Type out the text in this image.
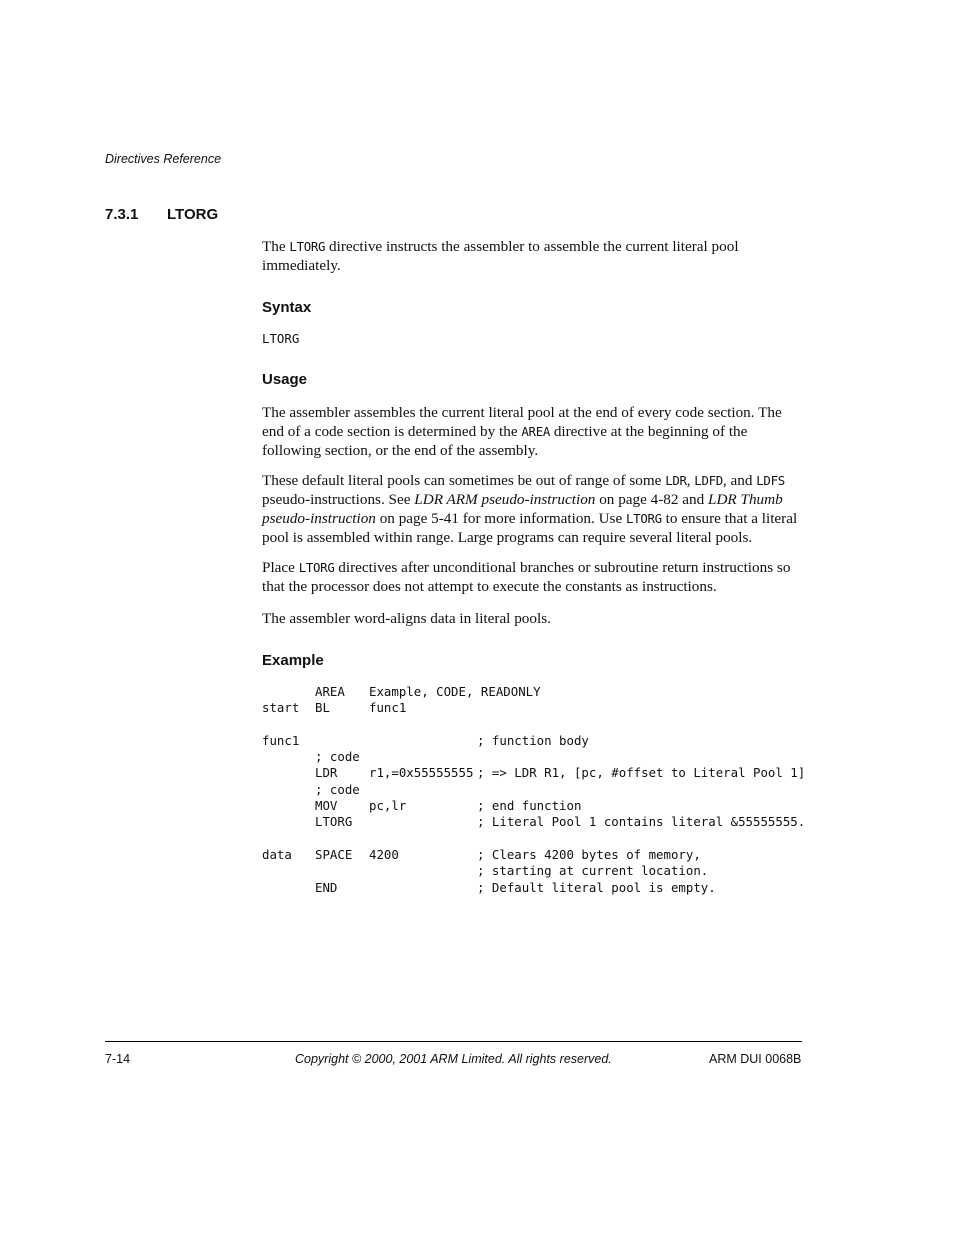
Directives Reference
7.3.1 LTORG
The LTORG directive instructs the assembler to assemble the current literal pool immediately.
Syntax
LTORG
Usage
The assembler assembles the current literal pool at the end of every code section. The end of a code section is determined by the AREA directive at the beginning of the following section, or the end of the assembly.
These default literal pools can sometimes be out of range of some LDR, LDFD, and LDFS pseudo-instructions. See LDR ARM pseudo-instruction on page 4-82 and LDR Thumb pseudo-instruction on page 5-41 for more information. Use LTORG to ensure that a literal pool is assembled within range. Large programs can require several literal pools.
Place LTORG directives after unconditional branches or subroutine return instructions so that the processor does not attempt to execute the constants as instructions.
The assembler word-aligns data in literal pools.
Example
AREA Example, CODE, READONLY
start BL	func1
func1	; function body
; code
LDR	r1,=0x55555555 ; => LDR R1, [pc, #offset to Literal Pool 1]
; code
MOV	pc,lr	; end function
LTORG	; Literal Pool 1 contains literal &55555555.
data SPACE 4200	; Clears 4200 bytes of memory,
; starting at current location.
END	; Default literal pool is empty.
7-14	Copyright © 2000, 2001 ARM Limited. All rights reserved.	ARM DUI 0068B
